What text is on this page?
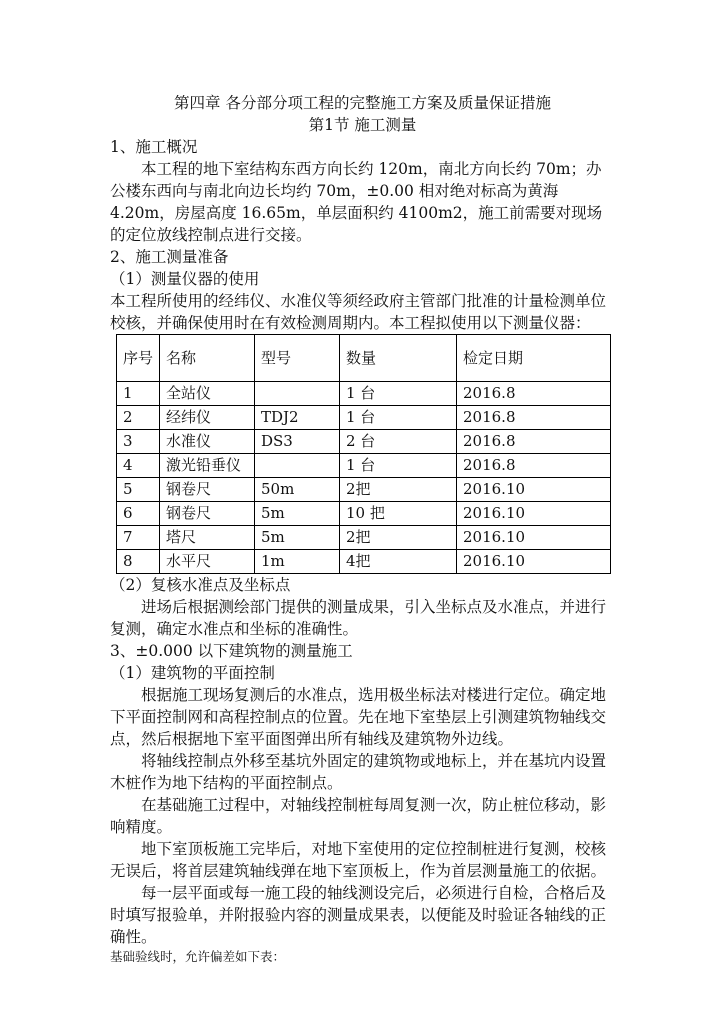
第四章 各分部分项工程的完整施工方案及质量保证措施

第1节 施工测量

1、施工概况

本工程的地下室结构东西方向长约 120m，南北方向长约 70m；办公楼东西向与南北向边长均约 70m，±0.00 相对绝对标高为黄海 4.20m，房屋高度 16.65m，单层面积约 4100m2，施工前需要对现场的定位放线控制点进行交接。

2、施工测量准备

（1）测量仪器的使用

本工程所使用的经纬仪、水准仪等须经政府主管部门批准的计量检测单位校核，并确保使用时在有效检测周期内。本工程拟使用以下测量仪器：

序号	名称	型号	数量	检定日期
1	全站仪		1 台	2016.8
2	经纬仪	TDJ2	1 台	2016.8
3	水准仪	DS3	2 台	2016.8
4	激光铅垂仪		1 台	2016.8
5	钢卷尺	50m	2把	2016.10
6	钢卷尺	5m	10 把	2016.10
7	塔尺	5m	2把	2016.10
8	水平尺	1m	4把	2016.10

（2）复核水准点及坐标点

进场后根据测绘部门提供的测量成果，引入坐标点及水准点，并进行复测，确定水准点和坐标的准确性。

3、±0.000 以下建筑物的测量施工

（1）建筑物的平面控制

根据施工现场复测后的水准点，选用极坐标法对楼进行定位。确定地下平面控制网和高程控制点的位置。先在地下室垫层上引测建筑物轴线交点，然后根据地下室平面图弹出所有轴线及建筑物外边线。

将轴线控制点外移至基坑外固定的建筑物或地标上，并在基坑内设置木桩作为地下结构的平面控制点。

在基础施工过程中，对轴线控制桩每周复测一次，防止桩位移动，影响精度。

地下室顶板施工完毕后，对地下室使用的定位控制桩进行复测，校核无误后，将首层建筑轴线弹在地下室顶板上，作为首层测量施工的依据。

每一层平面或每一施工段的轴线测设完后，必须进行自检，合格后及时填写报验单，并附报验内容的测量成果表，以便能及时验证各轴线的正确性。

基础验线时，允许偏差如下表：
